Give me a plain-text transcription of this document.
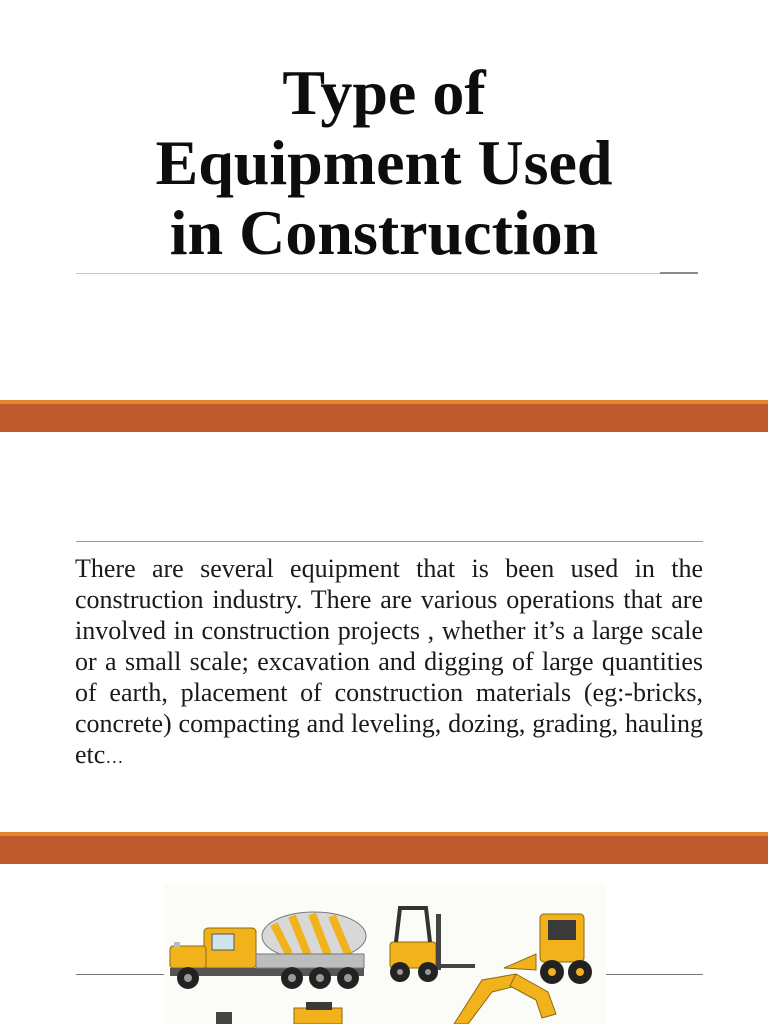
Type of
Equipment Used
in Construction
There are several equipment that is been used in the construction industry. There are various operations that are involved in construction projects , whether it’s a large scale or a small scale; excavation and digging of large quantities of earth, placement of construction materials (eg:-bricks, concrete) compacting and leveling, dozing, grading, hauling etc…
